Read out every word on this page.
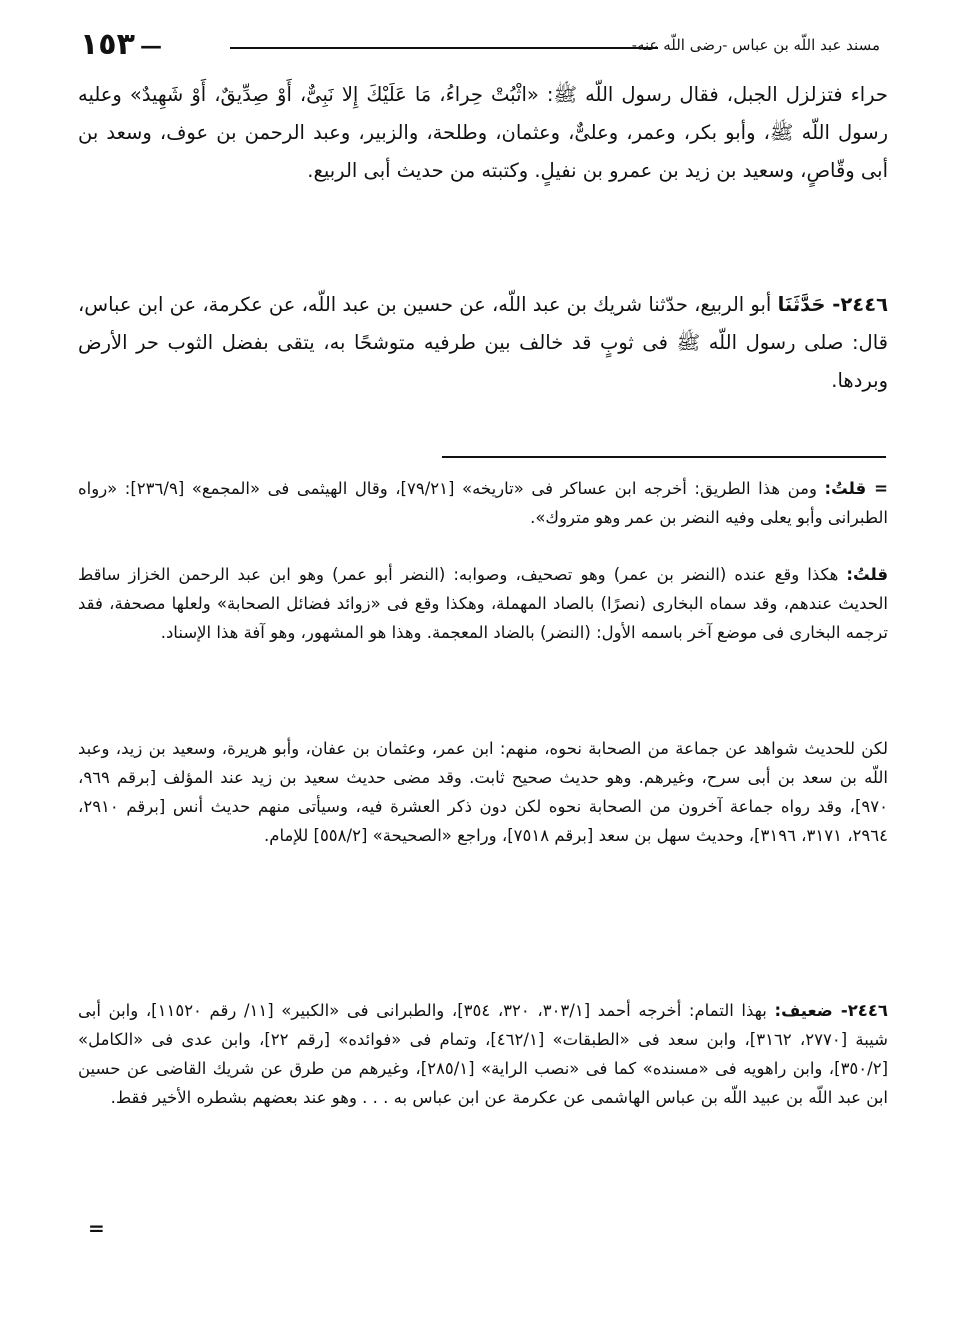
١٥٣ —	مسند عبد اللّه بن عباس -رضى اللّه عنه-

حراء فتزلزل الجبل، فقال رسول اللّه ﷺ: «اثْبُتْ حِراءُ، مَا عَلَيْكَ إِلا نَبِىٌّ، أَوْ صِدِّيقٌ، أَوْ شَهِيدٌ» وعليه رسول اللّه ﷺ، وأبو بكر، وعمر، وعلىٌّ، وعثمان، وطلحة، والزبير، وعبد الرحمن بن عوف، وسعد بن أبى وقّاصٍ، وسعيد بن زيد بن عمرو بن نفيلٍ. وكتبته من حديث أبى الربيع.

٢٤٤٦- حَدَّثَنَا أبو الربيع، حدّثنا شريك بن عبد اللّه، عن حسين بن عبد اللّه، عن عكرمة، عن ابن عباس، قال: صلى رسول اللّه ﷺ فى ثوبٍ قد خالف بين طرفيه متوشحًا به، يتقى بفضل الثوب حر الأرض وبردها.

= قلتُ: ومن هذا الطريق: أخرجه ابن عساكر فى «تاريخه» [٧٩/٢١]، وقال الهيثمى فى «المجمع» [٢٣٦/٩]: «رواه الطبرانى وأبو يعلى وفيه النضر بن عمر وهو متروك».

قلتُ: هكذا وقع عنده (النضر بن عمر) وهو تصحيف، وصوابه: (النضر أبو عمر) وهو ابن عبد الرحمن الخزاز ساقط الحديث عندهم، وقد سماه البخارى (نصرًا) بالصاد المهملة، وهكذا وقع فى «زوائد فضائل الصحابة» ولعلها مصحفة، فقد ترجمه البخارى فى موضع آخر باسمه الأول: (النضر) بالضاد المعجمة. وهذا هو المشهور، وهو آفة هذا الإسناد.

لكن للحديث شواهد عن جماعة من الصحابة نحوه، منهم: ابن عمر، وعثمان بن عفان، وأبو هريرة، وسعيد بن زيد، وعبد اللّه بن سعد بن أبى سرح، وغيرهم. وهو حديث صحيح ثابت. وقد مضى حديث سعيد بن زيد عند المؤلف [برقم ٩٦٩، ٩٧٠]، وقد رواه جماعة آخرون من الصحابة نحوه لكن دون ذكر العشرة فيه، وسيأتى منهم حديث أنس [برقم ٢٩١٠، ٢٩٦٤، ٣١٧١، ٣١٩٦]، وحديث سهل بن سعد [برقم ٧٥١٨]، وراجع «الصحيحة» [٥٥٨/٢] للإمام.

٢٤٤٦- ضعيف: بهذا التمام: أخرجه أحمد [٣٠٣/١، ٣٢٠، ٣٥٤]، والطبرانى فى «الكبير» [١١/ رقم ١١٥٢٠]، وابن أبى شيبة [٢٧٧٠، ٣١٦٢]، وابن سعد فى «الطبقات» [٤٦٢/١]، وتمام فى «فوائده» [رقم ٢٢]، وابن عدى فى «الكامل» [٣٥٠/٢]، وابن راهويه فى «مسنده» كما فى «نصب الراية» [٢٨٥/١]، وغيرهم من طرق عن شريك القاضى عن حسين ابن عبد اللّه بن عبيد اللّه بن عباس الهاشمى عن عكرمة عن ابن عباس به . . . وهو عند بعضهم بشطره الأخير فقط.

=
